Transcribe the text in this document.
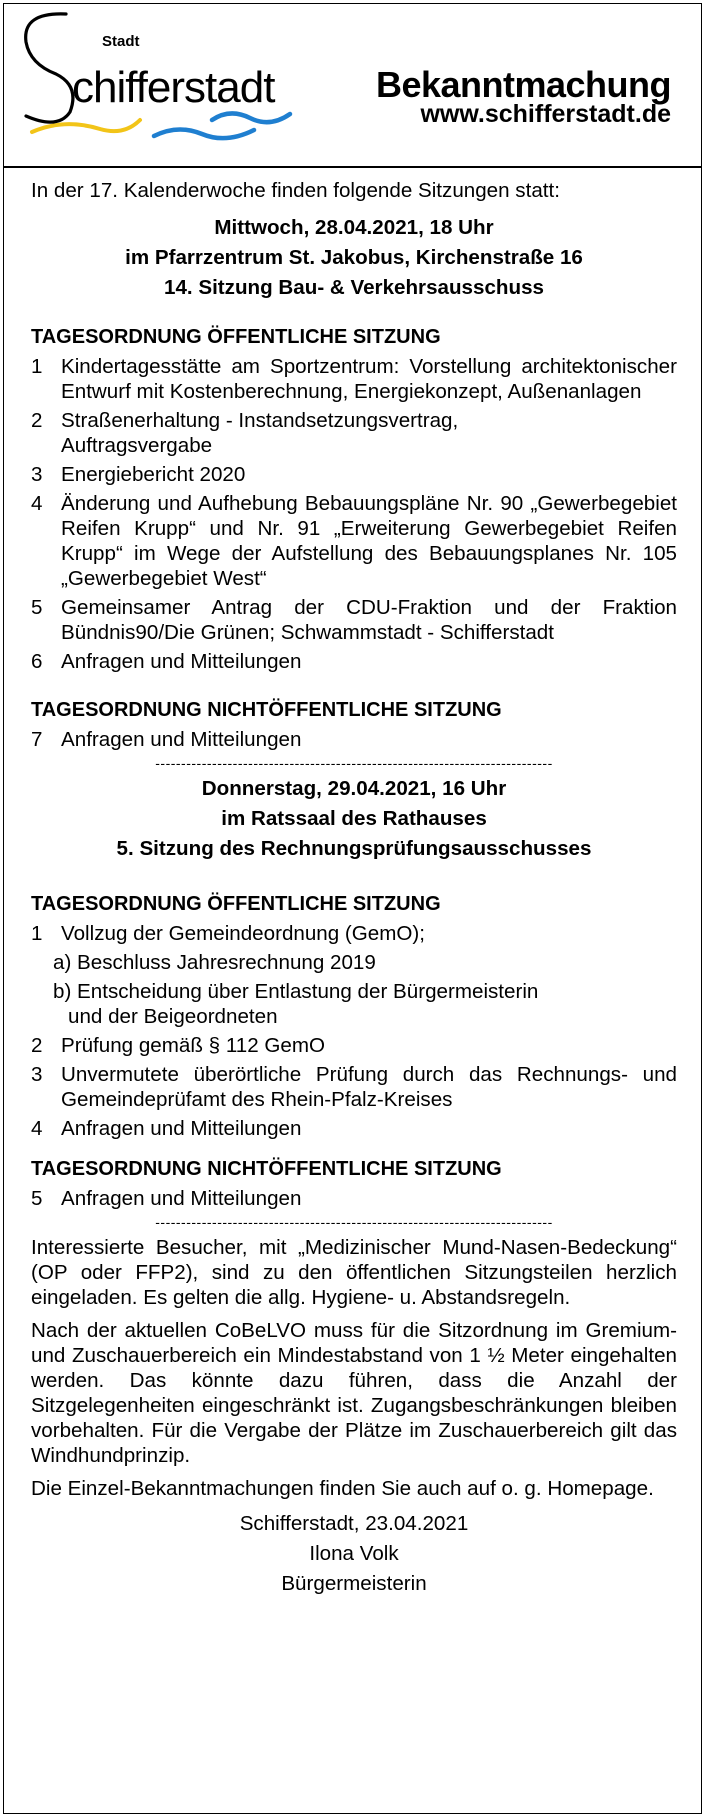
Stadt
chifferstadt	Bekanntmachung
www.schifferstadt.de
In der 17. Kalenderwoche finden folgende Sitzungen statt:
Mittwoch, 28.04.2021, 18 Uhr
im Pfarrzentrum St. Jakobus, Kirchenstraße 16
14. Sitzung Bau- & Verkehrsausschuss
TAGESORDNUNG ÖFFENTLICHE SITZUNG
1 Kindertagesstätte am Sportzentrum: Vorstellung architektonischer Entwurf mit Kostenberechnung, Energiekonzept, Außenanlagen
2 Straßenerhaltung - Instandsetzungsvertrag, Auftragsvergabe
3 Energiebericht 2020
4 Änderung und Aufhebung Bebauungspläne Nr. 90 „Gewerbegebiet Reifen Krupp“ und Nr. 91 „Erweiterung Gewerbegebiet Reifen Krupp“ im Wege der Aufstellung des Bebauungsplanes Nr. 105 „Gewerbegebiet West“
5 Gemeinsamer Antrag der CDU-Fraktion und der Fraktion Bündnis90/Die Grünen; Schwammstadt - Schifferstadt
6 Anfragen und Mitteilungen
TAGESORDNUNG NICHTÖFFENTLICHE SITZUNG
7 Anfragen und Mitteilungen
-----------------------------------------------------------------------------
Donnerstag, 29.04.2021, 16 Uhr
im Ratssaal des Rathauses
5. Sitzung des Rechnungsprüfungsausschusses
TAGESORDNUNG ÖFFENTLICHE SITZUNG
1 Vollzug der Gemeindeordnung (GemO);
a) Beschluss Jahresrechnung 2019
b) Entscheidung über Entlastung der Bürgermeisterin und der Beigeordneten
2 Prüfung gemäß § 112 GemO
3 Unvermutete überörtliche Prüfung durch das Rechnungs- und Gemeindeprüfamt des Rhein-Pfalz-Kreises
4 Anfragen und Mitteilungen
TAGESORDNUNG NICHTÖFFENTLICHE SITZUNG
5 Anfragen und Mitteilungen
-----------------------------------------------------------------------------
Interessierte Besucher, mit „Medizinischer Mund-Nasen-Bedeckung“ (OP oder FFP2), sind zu den öffentlichen Sitzungsteilen herzlich eingeladen. Es gelten die allg. Hygiene- u. Abstandsregeln.
Nach der aktuellen CoBeLVO muss für die Sitzordnung im Gremium- und Zuschauerbereich ein Mindestabstand von 1 ½ Meter eingehalten werden. Das könnte dazu führen, dass die Anzahl der Sitzgelegenheiten eingeschränkt ist. Zugangsbeschränkungen bleiben vorbehalten. Für die Vergabe der Plätze im Zuschauerbereich gilt das Windhundprinzip.
Die Einzel-Bekanntmachungen finden Sie auch auf o. g. Homepage.
Schifferstadt, 23.04.2021
Ilona Volk
Bürgermeisterin
